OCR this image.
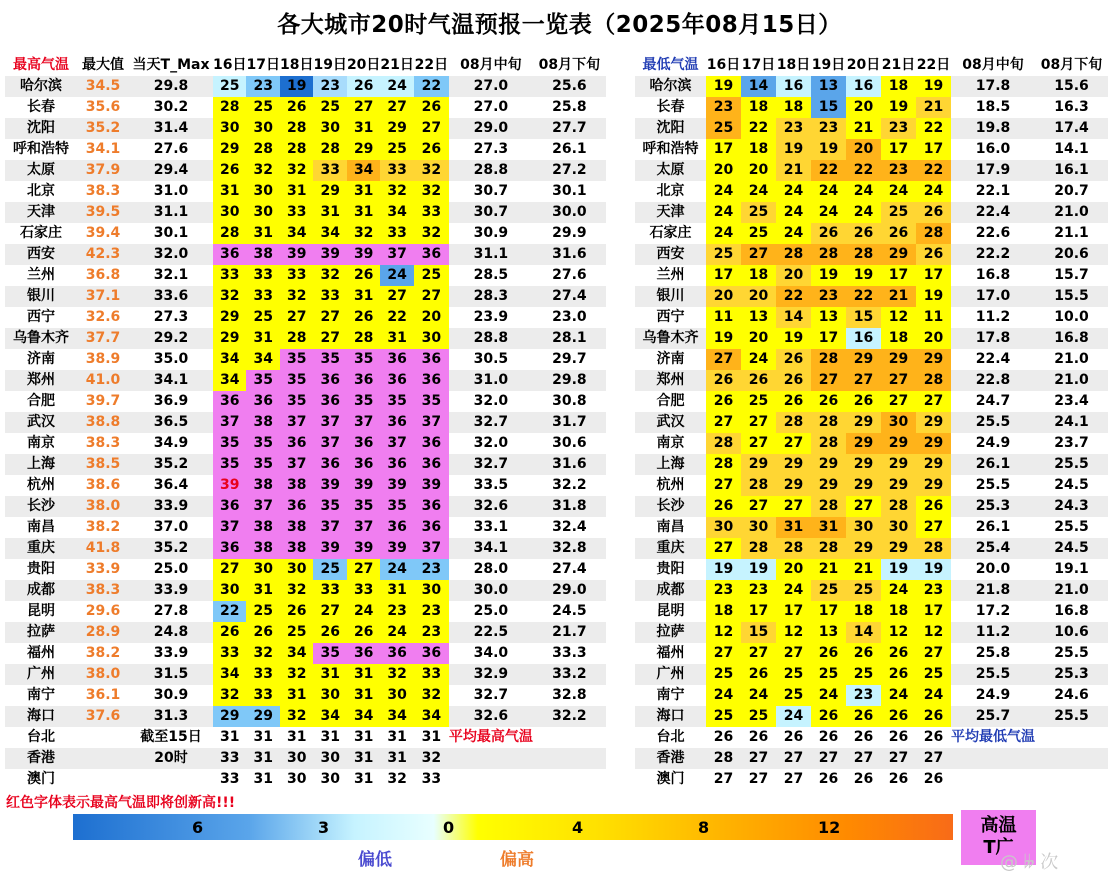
各大城市20时气温预报一览表（2025年08月15日）
最高气温	最大值	当天T_Max	16日	17日	18日	19日	20日	21日	22日	08月中旬	08月下旬
哈尔滨	34.5	29.8	25	23	19	23	26	24	22	27.0	25.6
长春	35.6	30.2	28	25	26	25	27	27	26	27.0	25.8
沈阳	35.2	31.4	30	30	28	30	31	29	27	29.0	27.7
呼和浩特	34.1	27.6	29	28	28	28	29	25	26	27.3	26.1
太原	37.9	29.4	26	32	32	33	34	33	32	28.8	27.2
北京	38.3	31.0	31	30	31	29	31	32	32	30.7	30.1
天津	39.5	31.1	30	30	33	31	31	34	33	30.7	30.0
石家庄	39.4	30.1	28	31	34	34	32	33	32	30.9	29.9
西安	42.3	32.0	36	38	39	39	39	37	36	31.1	31.6
兰州	36.8	32.1	33	33	33	32	26	24	25	28.5	27.6
银川	37.1	33.6	32	33	32	33	31	27	27	28.3	27.4
西宁	32.6	27.3	29	25	27	27	26	22	20	23.9	23.0
乌鲁木齐	37.7	29.2	29	31	28	27	28	31	30	28.8	28.1
济南	38.9	35.0	34	34	35	35	35	36	36	30.5	29.7
郑州	41.0	34.1	34	35	35	36	36	36	36	31.0	29.8
合肥	39.7	36.9	36	36	35	36	35	35	35	32.0	30.8
武汉	38.8	36.5	37	38	37	37	37	36	37	32.7	31.7
南京	38.3	34.9	35	35	36	37	36	37	36	32.0	30.6
上海	38.5	35.2	35	35	37	36	36	36	36	32.7	31.6
杭州	38.6	36.4	39	38	38	39	39	39	39	33.5	32.2
长沙	38.0	33.9	36	37	36	35	35	35	36	32.6	31.8
南昌	38.2	37.0	37	38	38	37	37	36	36	33.1	32.4
重庆	41.8	35.2	36	38	38	39	39	39	37	34.1	32.8
贵阳	33.9	25.0	27	30	30	25	27	24	23	28.0	27.4
成都	38.3	33.9	30	31	32	33	33	31	30	30.0	29.0
昆明	29.6	27.8	22	25	26	27	24	23	23	25.0	24.5
拉萨	28.9	24.8	26	26	25	26	26	24	23	22.5	21.7
福州	38.2	33.9	33	32	34	35	36	36	36	34.0	33.3
广州	38.0	31.5	34	33	32	31	31	32	33	32.9	33.2
南宁	36.1	30.9	32	33	31	30	31	30	32	32.7	32.8
海口	37.6	31.3	29	29	32	34	34	34	34	32.6	32.2
台北		截至15日	31	31	31	31	31	31	31	平均最高气温	
香港		20时	33	31	30	30	31	31	32		
澳门			33	31	30	30	31	32	33		
最低气温	16日	17日	18日	19日	20日	21日	22日	08月中旬	08月下旬
哈尔滨	19	14	16	13	16	18	19	17.8	15.6
长春	23	18	18	15	20	19	21	18.5	16.3
沈阳	25	22	23	23	21	23	22	19.8	17.4
呼和浩特	17	18	19	19	20	17	17	16.0	14.1
太原	20	20	21	22	22	23	22	17.9	16.1
北京	24	24	24	24	24	24	24	22.1	20.7
天津	24	25	24	24	24	25	26	22.4	21.0
石家庄	24	25	24	26	26	26	28	22.6	21.1
西安	25	27	28	28	28	29	26	22.2	20.6
兰州	17	18	20	19	19	17	17	16.8	15.7
银川	20	20	22	23	22	21	19	17.0	15.5
西宁	11	13	14	13	15	12	11	11.2	10.0
乌鲁木齐	19	20	19	17	16	18	20	17.8	16.8
济南	27	24	26	28	29	29	29	22.4	21.0
郑州	26	26	26	27	27	27	28	22.8	21.0
合肥	26	25	26	26	26	27	27	24.7	23.4
武汉	27	27	28	28	29	30	29	25.5	24.1
南京	28	27	27	28	29	29	29	24.9	23.7
上海	28	29	29	29	29	29	29	26.1	25.5
杭州	27	28	29	29	29	29	29	25.5	24.5
长沙	26	27	27	28	27	28	26	25.3	24.3
南昌	30	30	31	31	30	30	27	26.1	25.5
重庆	27	28	28	28	29	29	28	25.4	24.5
贵阳	19	19	20	21	21	19	19	20.0	19.1
成都	23	23	24	25	25	24	23	21.8	21.0
昆明	18	17	17	17	18	18	17	17.2	16.8
拉萨	12	15	12	13	14	12	12	11.2	10.6
福州	27	27	27	26	26	26	27	25.8	25.5
广州	25	26	25	25	25	26	25	25.5	25.3
南宁	24	24	25	24	23	24	24	24.9	24.6
海口	25	25	24	26	26	26	26	25.7	25.5
台北	26	26	26	26	26	26	26	平均最低气温	
香港	28	27	27	27	27	27	27		
澳门	27	27	27	26	26	26	26		
红色字体表示最高气温即将创新高!!!
6	3	0	4	8	12
偏低	偏高
高温
T广
@ 𝄫 次
